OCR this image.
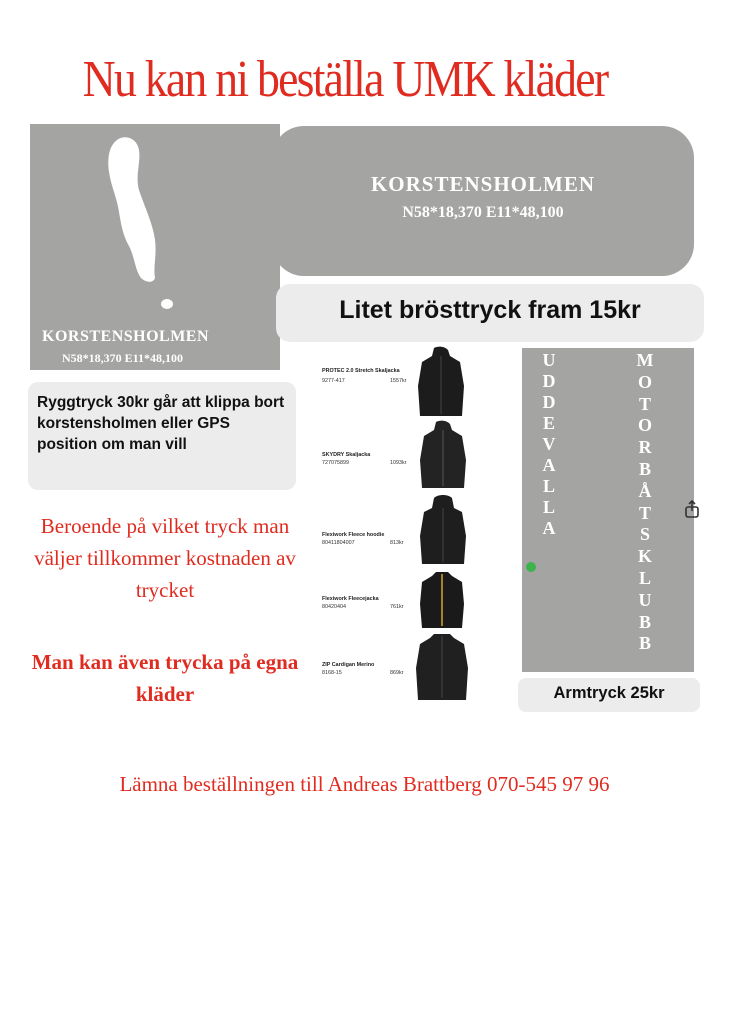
Nu kan ni beställa UMK kläder
KORSTENSHOLMEN
N58*18,370 E11*48,100
KORSTENSHOLMEN
N58*18,370 E11*48,100
Litet brösttryck fram 15kr
Ryggtryck 30kr går att klippa bort korstensholmen eller GPS position om man vill
Beroende på vilket tryck man väljer tillkommer kostnaden av trycket
Man kan även trycka på egna kläder
PROTEC 2.0 Stretch Skaljacka
9277-417	1557kr
SKYDRY Skaljacka
727075899	1093kr
Flexiwork Fleece hoodie
80411804007	813kr
Flexiwork Fleecejacka
80420404	761kr
ZIP Cardigan Merino
8168-15	869kr
U
D
D
E
V
A
L
L
A
M
O
T
O
R
B
Å
T
S
K
L
U
B
B
Armtryck 25kr
Lämna beställningen till Andreas Brattberg 070-545 97 96
